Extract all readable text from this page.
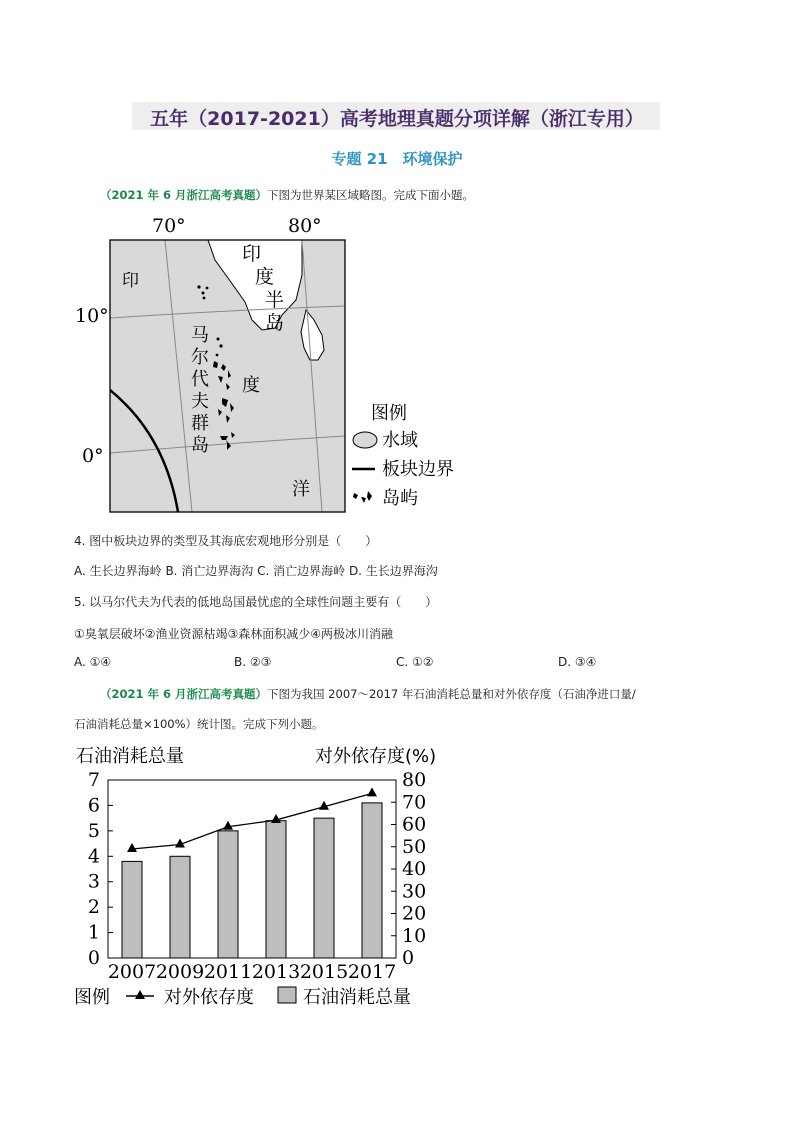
五年（2017-2021）高考地理真题分项详解（浙江专用）
专题 21　环境保护
（2021 年 6 月浙江高考真题）下图为世界某区域略图。完成下面小题。
70°	80°
10°
0°
印
印
度
半
岛
马
尔
代
夫
群
岛
度
洋
图例
水域
板块边界
岛屿
4. 图中板块边界的类型及其海底宏观地形分别是（　　）
A. 生长边界海岭 B. 消亡边界海沟 C. 消亡边界海岭 D. 生长边界海沟
5. 以马尔代夫为代表的低地岛国最忧虑的全球性问题主要有（　　）
①臭氧层破坏②渔业资源枯竭③森林面积减少④两极冰川消融
A. ①④	B. ②③	C. ①②	D. ③④
（2021 年 6 月浙江高考真题）下图为我国 2007～2017 年石油消耗总量和对外依存度（石油净进口量/
石油消耗总量×100%）统计图。完成下列小题。
石油消耗总量	对外依存度(%)
7
6
5
4
3
2
1
0
80
70
60
50
40
30
20
10
0
2007 2009 2011 2013 2015 2017
图例	对外依存度	石油消耗总量
